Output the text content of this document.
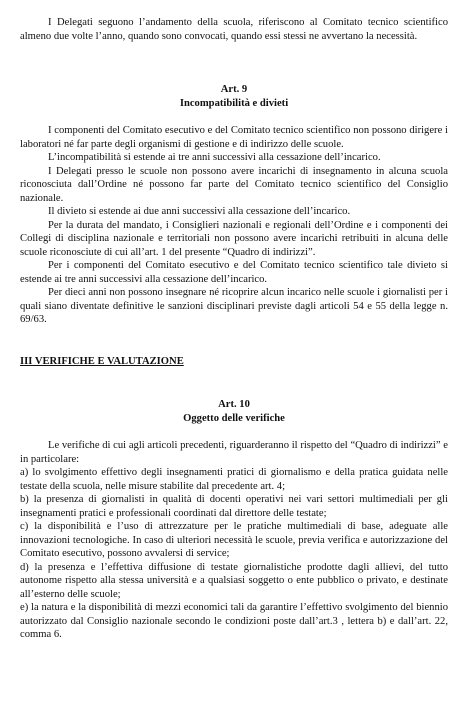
I Delegati seguono l’andamento della scuola, riferiscono al Comitato tecnico scientifico almeno due volte l’anno, quando sono convocati, quando essi stessi ne avvertano la necessità.

Art. 9

Incompatibilità e divieti

I componenti del Comitato esecutivo e del Comitato tecnico scientifico non possono dirigere i laboratori né far parte degli organismi di gestione e di indirizzo delle scuole.

L’incompatibilità si estende ai tre anni successivi alla cessazione dell’incarico.

I Delegati presso le scuole non possono avere incarichi di insegnamento in alcuna scuola riconosciuta dall’Ordine né possono far parte del Comitato tecnico scientifico del Consiglio nazionale.

Il divieto si estende ai due anni successivi alla cessazione dell’incarico.

Per la durata del mandato, i Consiglieri nazionali e regionali dell’Ordine e i componenti dei Collegi di disciplina nazionale e territoriali non possono avere incarichi retribuiti in alcuna delle scuole riconosciute di cui all’art. 1 del presente “Quadro di indirizzi”.

Per i componenti del Comitato esecutivo e del Comitato tecnico scientifico tale divieto si estende ai tre anni successivi alla cessazione dell’incarico.

Per dieci anni non possono insegnare né ricoprire alcun incarico nelle scuole i giornalisti per i quali siano diventate definitive le sanzioni disciplinari previste dagli articoli 54 e 55 della legge n. 69/63.

III VERIFICHE E VALUTAZIONE

Art. 10

Oggetto delle verifiche

Le verifiche di cui agli articoli precedenti, riguarderanno il rispetto del “Quadro di indirizzi” e in particolare:

a) lo svolgimento effettivo degli insegnamenti pratici di giornalismo e della pratica guidata nelle testate della scuola, nelle misure stabilite dal precedente art. 4;

b) la presenza di giornalisti in qualità di docenti operativi nei vari settori multimediali per gli insegnamenti pratici e professionali coordinati dal direttore delle testate;

c) la disponibilità e l’uso di attrezzature per le pratiche multimediali di base, adeguate alle innovazioni tecnologiche. In caso di ulteriori necessità le scuole, previa verifica e autorizzazione del Comitato esecutivo, possono avvalersi di service;

d) la presenza e l’effettiva diffusione di testate giornalistiche prodotte dagli allievi, del tutto autonome rispetto alla stessa università e a qualsiasi soggetto o ente pubblico o privato, e destinate all’esterno delle scuole;

e) la natura e la disponibilità di mezzi economici tali da garantire l’effettivo svolgimento del biennio autorizzato dal Consiglio nazionale secondo le condizioni poste dall’art.3 , lettera b) e dall’art. 22, comma 6.
